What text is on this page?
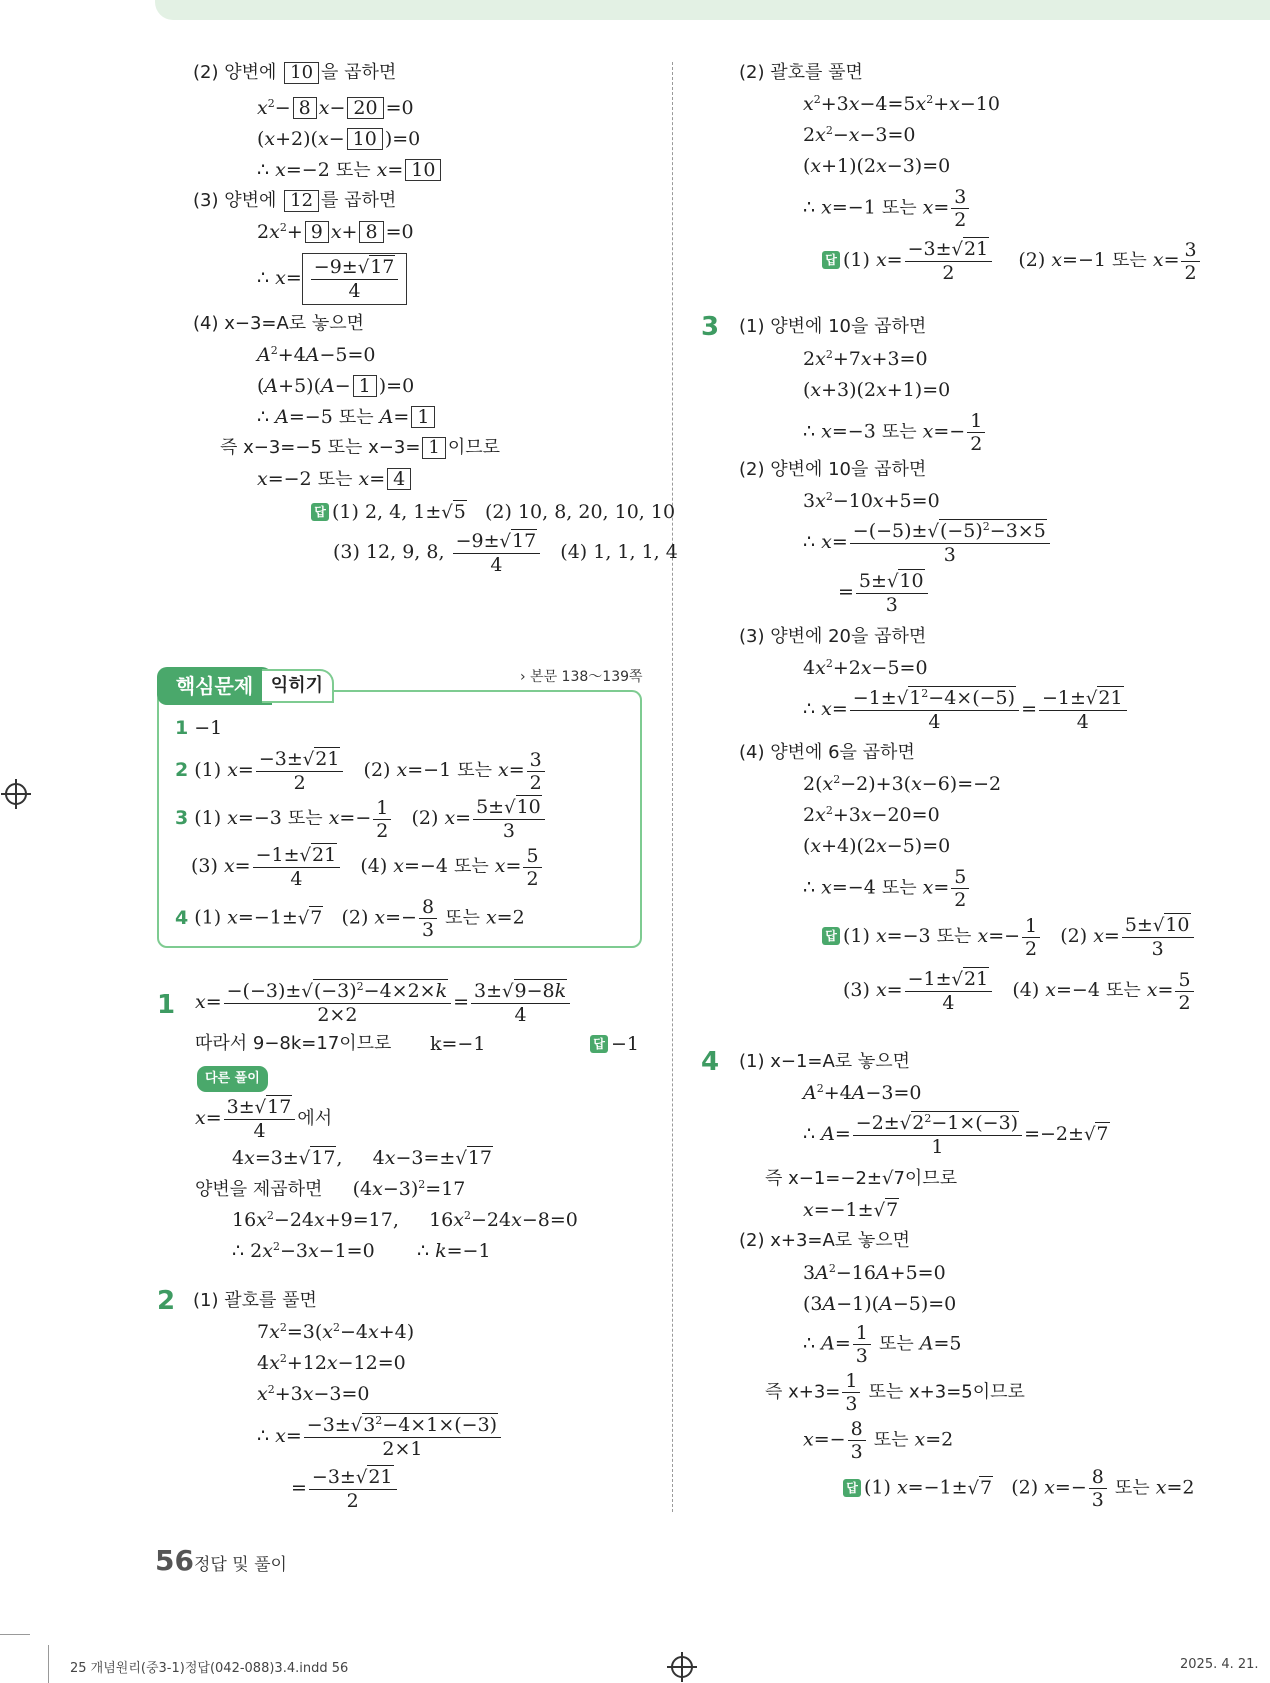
(2) 양변에 10 을 곱하면
$x^2- 8$ x− 20 =0
(x+2)(x− 10 )=0
∴ x=−2 또는 x= 10
(3) 양변에 12 를 곱하면
$2x^2+ 9$ x+ 8 =0
∴ $x= \frac{-9\pm√17}{4}$
(4) x−3=A로 놓으면
$A^2+4A-5=0$
(A+5)(A− 1 )=0
∴ A=−5 또는 A= 1
즉 x−3=−5 또는 x−3= 1 이므로
x=−2 또는 x= 4
답 (1) 2, 4, 1±√5 (2) 10, 8, 20, 10, 10
(3) 12, 9, 8, $\frac{-9\pm√17}{4} (4)$ 1, 1, 1, 4
핵심문제 익히기	› 본문 138～139쪽
1 −1
2 (1) $x= \frac{-3\pm√21}{2} (2)$ x=−1 또는 $x= \frac{3}{2}$
3 (1) x=−3 또는 $x=- \frac{1}{2} (2)$ $x= \frac{5\pm√10}{3}$
(3) $x= \frac{-1\pm√21}{4} (4)$ x=−4 또는 $x= \frac{5}{2}$
4 (1) x=−1±√7   (2) $x=- \frac{8}{3}$ 또는 x=2
1 $x= \frac{-(-3)\pm√(-3)^2-4\times 2\times k}{2\times 2} = \frac{3\pm√9-8k}{4}$
따라서 9−8k=17이므로 k=−1	답 −1
다른 풀이
$x= \frac{3\pm√17}{4}$ 에서
4x=3±√17,     4x−3=±√17
양변을 제곱하면 $(4x-3)^2=17$
$16x^2-24x+9=17$,     $16x^2-24x-8=0$
∴ $2x^2-3x-1=0$       ∴ k=−1
2 (1) 괄호를 풀면
$7x^2=3(x^2-4x+4)$
$4x^2+12x-12=0$
$x^2+3x-3=0$
∴ $x= \frac{-3\pm√3^2-4\times 1\times(-3)}{2\times 1}$
= $\frac{-3\pm√21}{2}$
(2) 괄호를 풀면
$x^2+3x-4=5x^2+x-10$
$2x^2-x-3=0$
(x+1)(2x−3)=0
∴ x=−1 또는 $x= \frac{3}{2}$
답 (1) $x= \frac{-3\pm√21}{2} (2)$ x=−1 또는 $x= \frac{3}{2}$
3 (1) 양변에 10을 곱하면
$2x^2+7x+3=0$
(x+3)(2x+1)=0
∴ x=−3 또는 $x=- \frac{1}{2}$
(2) 양변에 10을 곱하면
$3x^2-10x+5=0$
∴ $x= \frac{-(-5)\pm√(-5)^2-3\times 5}{3}$
= $\frac{5\pm√10}{3}$
(3) 양변에 20을 곱하면
$4x^2+2x-5=0$
∴ $x= \frac{-1\pm√1^2-4\times(-5)}{4} = \frac{-1\pm√21}{4}$
(4) 양변에 6을 곱하면
$2(x^2-2)+3(x-6)=-2$
$2x^2+3x-20=0$
(x+4)(2x−5)=0
∴ x=−4 또는 $x= \frac{5}{2}$
답 (1) x=−3 또는 $x=- \frac{1}{2} (2)$ $x= \frac{5\pm√10}{3}$
(3) $x= \frac{-1\pm√21}{4} (4)$ x=−4 또는 $x= \frac{5}{2}$
4 (1) x−1=A로 놓으면
$A^2+4A-3=0$
∴ $A= \frac{-2\pm√2^2-1\times(-3)}{1} =-2\pm√7$
즉 x−1=−2±√7이므로
x=−1±√7
(2) x+3=A로 놓으면
$3A^2-16A+5=0$
(3A−1)(A−5)=0
∴ $A= \frac{1}{3}$ 또는 A=5
즉 $x+3= \frac{1}{3}$ 또는 x+3=5이므로
$x=- \frac{8}{3}$ 또는 x=2
답 (1) x=−1±√7   (2) $x=- \frac{8}{3}$ 또는 x=2
56 정답 및 풀이
25 개념원리(중3-1)정답(042-088)3.4.indd 56	2025. 4. 21.
